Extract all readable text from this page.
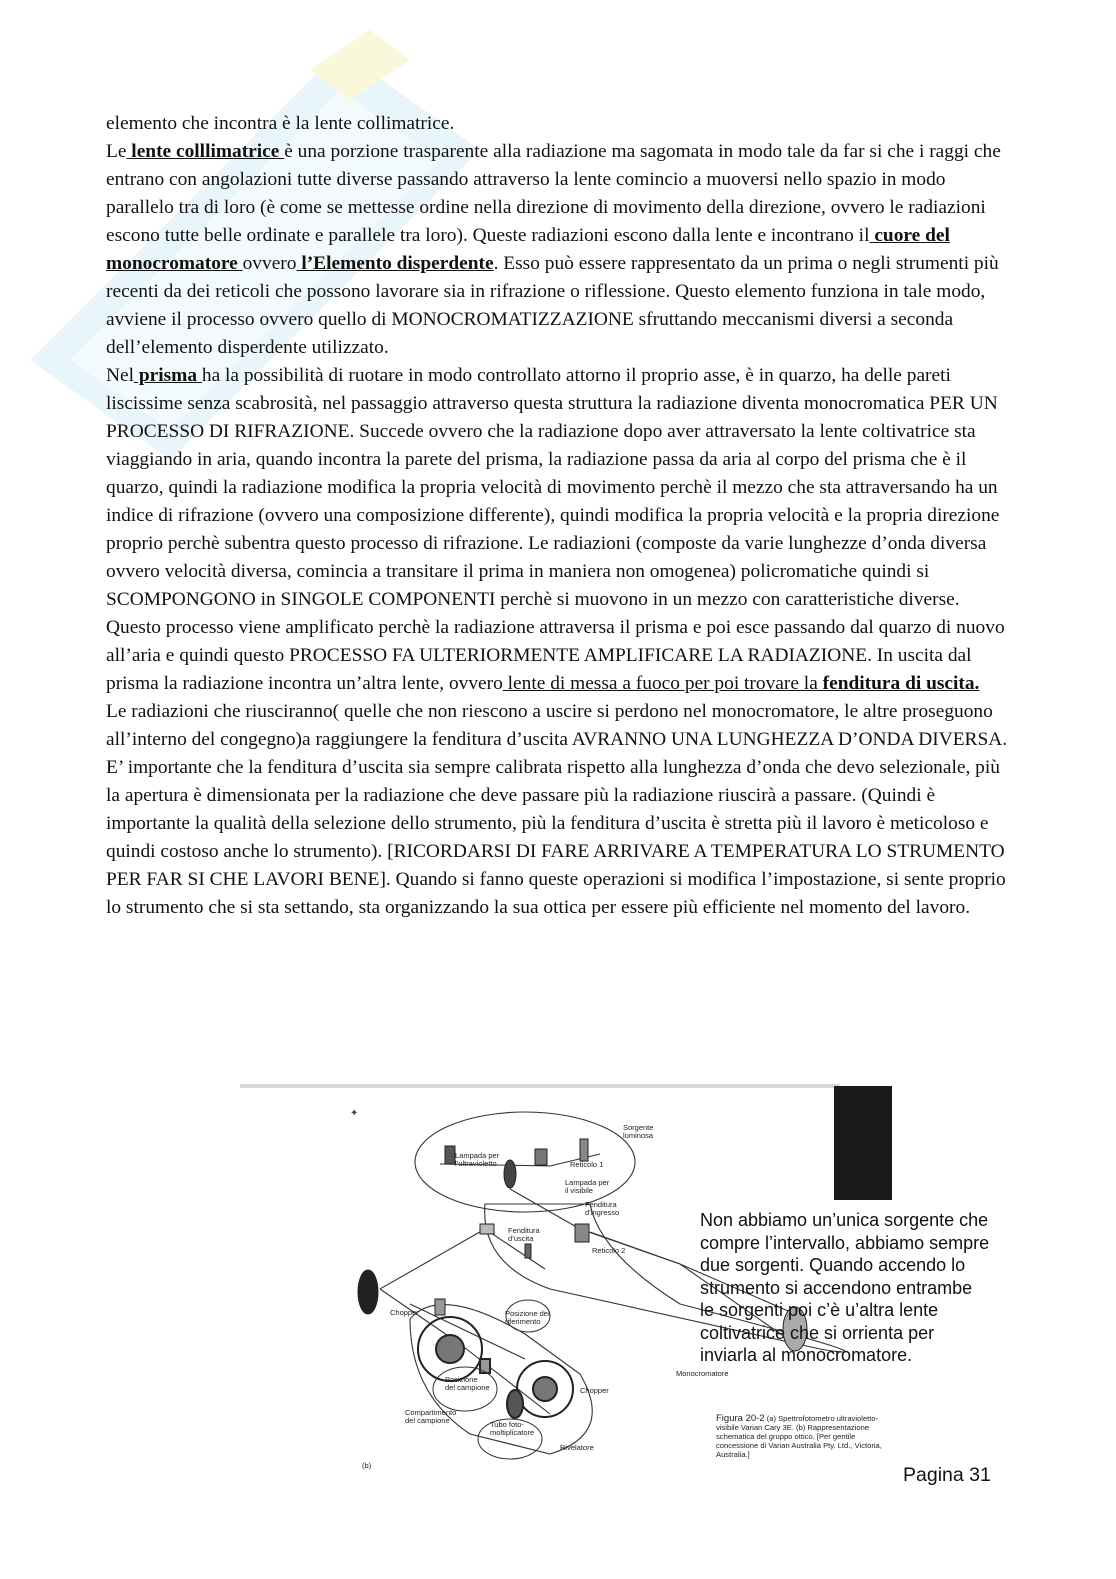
elemento che incontra è la lente collimatrice.

Le lente colllimatrice è una porzione trasparente alla radiazione ma sagomata in modo tale da far si che i raggi che entrano con angolazioni tutte diverse passando attraverso la lente comincio a muoversi nello spazio in modo parallelo tra di loro (è come se mettesse ordine nella direzione di movimento della direzione, ovvero le radiazioni escono tutte belle ordinate e parallele tra loro). Queste radiazioni escono dalla lente e incontrano il cuore del monocromatore ovvero l’Elemento disperdente. Esso può essere rappresentato da un prima o negli strumenti più recenti da dei reticoli che possono lavorare sia in rifrazione o riflessione. Questo elemento funziona in tale modo, avviene il processo ovvero quello di MONOCROMATIZZAZIONE sfruttando meccanismi diversi a seconda dell’elemento disperdente utilizzato.

Nel prisma ha la possibilità di ruotare in modo controllato attorno il proprio asse, è in quarzo, ha delle pareti liscissime senza scabrosità, nel passaggio attraverso questa struttura la radiazione diventa monocromatica PER UN PROCESSO DI RIFRAZIONE. Succede ovvero che la radiazione dopo aver attraversato la lente coltivatrice sta viaggiando in aria, quando incontra la parete del prisma, la radiazione passa da aria al corpo del prisma che è il quarzo, quindi la radiazione modifica la propria velocità di movimento perchè il mezzo che sta attraversando ha un indice di rifrazione (ovvero una composizione differente), quindi modifica la propria velocità e la propria direzione proprio perchè subentra questo processo di rifrazione. Le radiazioni (composte da varie lunghezze d’onda diversa ovvero velocità diversa, comincia a transitare il prima in maniera non omogenea) policromatiche quindi si SCOMPONGONO in SINGOLE COMPONENTI perchè si muovono in un mezzo con caratteristiche diverse. Questo processo viene amplificato perchè la radiazione attraversa il prisma e poi esce passando dal quarzo di nuovo all’aria e quindi questo PROCESSO FA ULTERIORMENTE AMPLIFICARE LA RADIAZIONE. In uscita dal prisma la radiazione incontra un’altra lente, ovvero lente di messa a fuoco per poi trovare la fenditura di uscita.

Le radiazioni che riusciranno( quelle che non riescono a uscire si perdono nel monocromatore, le altre proseguono all’interno del congegno)a raggiungere la fenditura d’uscita AVRANNO UNA LUNGHEZZA D’ONDA DIVERSA.

E’ importante che la fenditura d’uscita sia sempre calibrata rispetto alla lunghezza d’onda che devo selezionale, più la apertura è dimensionata per la radiazione che deve passare più la radiazione riuscirà a passare. (Quindi è importante la qualità della selezione dello strumento, più la fenditura d’uscita è stretta più il lavoro è meticoloso e quindi costoso anche lo strumento). [RICORDARSI DI FARE ARRIVARE A TEMPERATURA LO STRUMENTO PER FAR SI CHE LAVORI BENE]. Quando si fanno queste operazioni si modifica l’impostazione, si sente proprio lo strumento che si sta settando, sta organizzando la sua ottica per essere più efficiente nel momento del lavoro.

✦
Sorgente
luminosa
Lampada per
l’ultravioletto	Reticolo 1
Lampada per
il visibile
Fenditura
d’ingresso
Fenditura
d’uscita
Reticolo 2
Chopper	Posizione del
riferimento
Posizione
del campione	Chopper
Compartimento
del campione	Tubo foto-
moltiplicatore
Rivelatore
Monocromatore
(b)
Figura 20-2 (a) Spettrofotometro ultravioletto-visibile Varian Cary 3E. (b) Rappresentazione schematica del gruppo ottico. [Per gentile concessione di Varian Australia Pty. Ltd., Victoria, Australia.]
Non abbiamo un’unica sorgente che compre l’intervallo, abbiamo sempre due sorgenti. Quando accendo lo strumento si accendono entrambe le sorgenti poi c’è u’altra lente coltivatrice che si orrienta per inviarla al monocromatore.
Pagina 31
